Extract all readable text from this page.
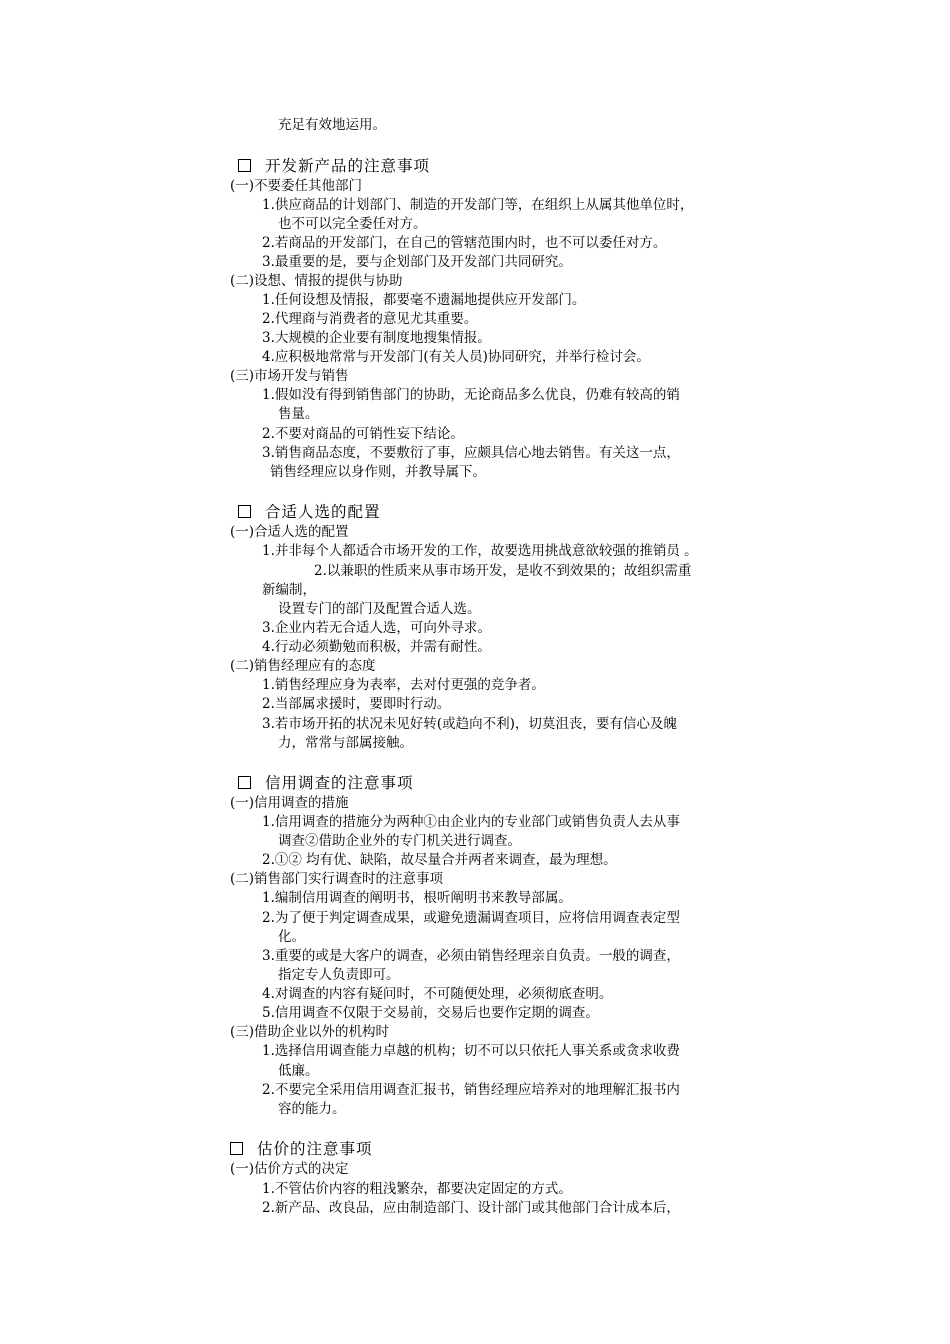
充足有效地运用。
开发新产品的注意事项
(一)不要委任其他部门
1.供应商品的计划部门、制造的开发部门等，在组织上从属其他单位时，
也不可以完全委任对方。
2.若商品的开发部门，在自己的管辖范围内时，也不可以委任对方。
3.最重要的是，要与企划部门及开发部门共同研究。
(二)设想、情报的提供与协助
1.任何设想及情报，都要毫不遗漏地提供应开发部门。
2.代理商与消费者的意见尤其重要。
3.大规模的企业要有制度地搜集情报。
4.应积极地常常与开发部门(有关人员)协同研究，并举行检讨会。
(三)市场开发与销售
1.假如没有得到销售部门的协助，无论商品多么优良，仍难有较高的销
售量。
2.不要对商品的可销性妄下结论。
3.销售商品态度，不要敷衍了事，应颇具信心地去销售。有关这一点，
销售经理应以身作则，并教导属下。
合适人选的配置
(一)合适人选的配置
1.并非每个人都适合市场开发的工作，故要选用挑战意欲较强的推销员 。
2.以兼职的性质来从事市场开发，是收不到效果的；故组织需重
新编制，
设置专门的部门及配置合适人选。
3.企业内若无合适人选，可向外寻求。
4.行动必须勤勉而积极，并需有耐性。
(二)销售经理应有的态度
1.销售经理应身为表率，去对付更强的竞争者。
2.当部属求援时，要即时行动。
3.若市场开拓的状况未见好转(或趋向不利)，切莫沮丧，要有信心及魄
力，常常与部属接触。
信用调查的注意事项
(一)信用调查的措施
1.信用调查的措施分为两种①由企业内的专业部门或销售负责人去从事
调查②借助企业外的专门机关进行调查。
2.①② 均有优、缺陷，故尽量合并两者来调查，最为理想。
(二)销售部门实行调查时的注意事项
1.编制信用调查的阐明书，根听阐明书来教导部属。
2.为了便于判定调查成果，或避免遗漏调查项目，应将信用调查表定型
化。
3.重要的或是大客户的调查，必须由销售经理亲自负责。一般的调查，
指定专人负责即可。
4.对调查的内容有疑问时，不可随便处理，必须彻底查明。
5.信用调查不仅限于交易前，交易后也要作定期的调查。
(三)借助企业以外的机构时
1.选择信用调查能力卓越的机构；切不可以只依托人事关系或贪求收费
低廉。
2.不要完全采用信用调查汇报书，销售经理应培养对的地理解汇报书内
容的能力。
估价的注意事项
(一)估价方式的决定
1.不管估价内容的粗浅繁杂，都要决定固定的方式。
2.新产品、改良品，应由制造部门、设计部门或其他部门合计成本后，
